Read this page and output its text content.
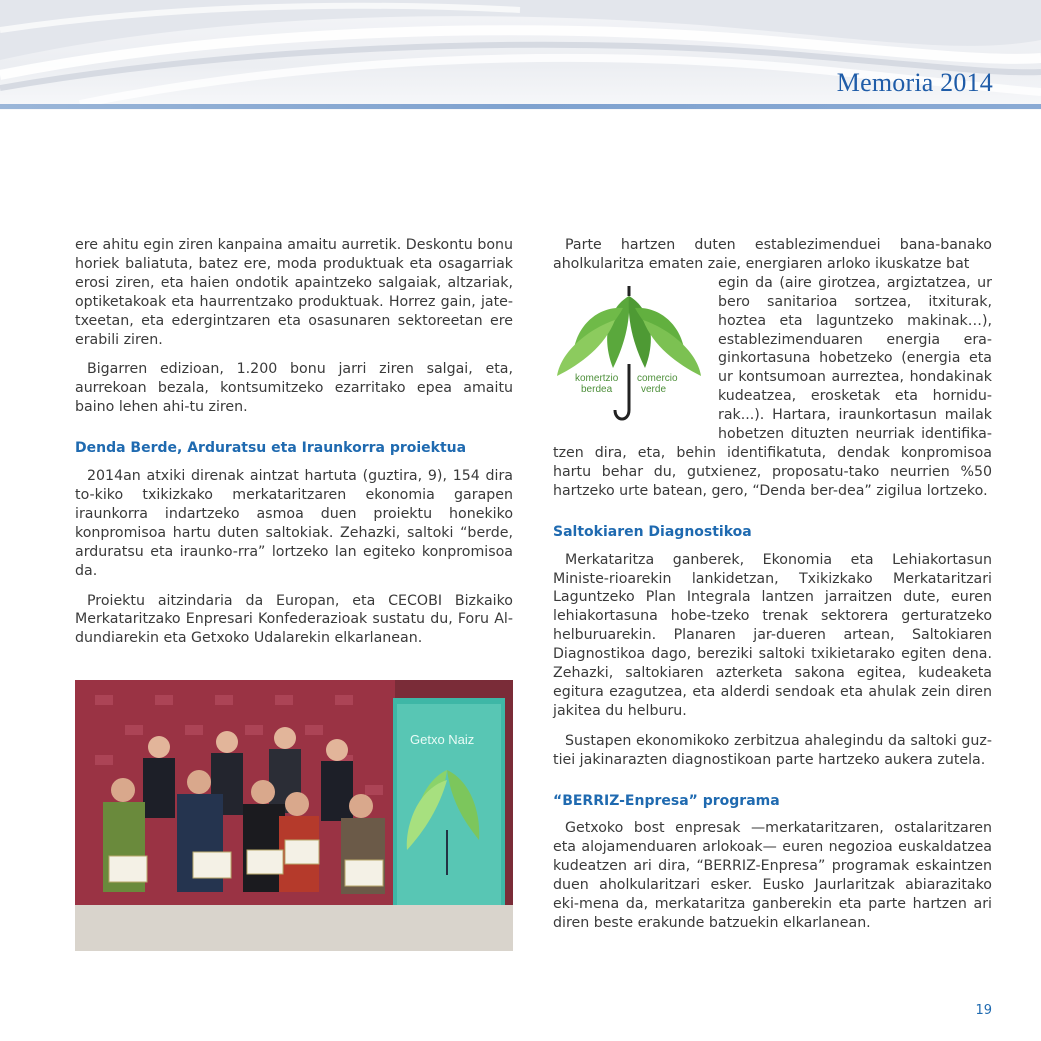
Memoria 2014

ere ahitu egin ziren kanpaina amaitu aurretik. Deskontu bonu horiek baliatuta, batez ere, moda produktuak eta osagarriak erosi ziren, eta haien ondotik apaintzeko salgaiak, altzariak, optiketakoak eta haurrentzako produktuak. Horrez gain, jate-txeetan, eta edergintzaren eta osasunaren sektoreetan ere erabili ziren.

Bigarren edizioan, 1.200 bonu jarri ziren salgai, eta, aurrekoan bezala, kontsumitzeko ezarritako epea amaitu baino lehen ahi-tu ziren.

Denda Berde, Arduratsu eta Iraunkorra proiektua

2014an atxiki direnak aintzat hartuta (guztira, 9), 154 dira to-kiko txikizkako merkataritzaren ekonomia garapen iraunkorra indartzeko asmoa duen proiektu honekiko konpromisoa hartu duten saltokiak. Zehazki, saltoki “berde, arduratsu eta iraunko-rra” lortzeko lan egiteko konpromisoa da.

Proiektu aitzindaria da Europan, eta CECOBI Bizkaiko Merkataritzako Enpresari Konfederazioak sustatu du, Foru Al-dundiarekin eta Getxoko Udalarekin elkarlanean.

Parte hartzen duten establezimenduei bana-banako aholkularitza ematen zaie, energiaren arloko ikuskatze bat

komertzio
berdea
comercio
verde

egin da (aire girotzea, argiztatzea, ur bero sanitarioa sortzea, itxiturak, hoztea eta laguntzeko makinak…), establezimenduaren energia era-ginkortasuna hobetzeko (energia eta ur kontsumoan aurreztea, hondakinak kudeatzea, erosketak eta hornidu-rak...). Hartara, iraunkortasun mailak hobetzen dituzten neurriak identifika-tzen dira, eta, behin identifikatuta, dendak konpromisoa hartu behar du, gutxienez, proposatu-tako neurrien %50 hartzeko urte batean, gero, “Denda ber-dea” zigilua lortzeko.

Saltokiaren Diagnostikoa

Merkataritza ganberek, Ekonomia eta Lehiakortasun Ministe-rioarekin lankidetzan, Txikizkako Merkataritzari Laguntzeko Plan Integrala lantzen jarraitzen dute, euren lehiakortasuna hobe-tzeko trenak sektorera gerturatzeko helburuarekin. Planaren jar-dueren artean, Saltokiaren Diagnostikoa dago, bereziki saltoki txikietarako egiten dena. Zehazki, saltokiaren azterketa sakona egitea, kudeaketa egitura ezagutzea, eta alderdi sendoak eta ahulak zein diren jakitea du helburu.

Sustapen ekonomikoko zerbitzua ahalegindu da saltoki guz-tiei jakinarazten diagnostikoan parte hartzeko aukera zutela.

“BERRIZ-Enpresa” programa

Getxoko bost enpresak —merkataritzaren, ostalaritzaren eta alojamenduaren arlokoak— euren negozioa euskaldatzea kudeatzen ari dira, “BERRIZ-Enpresa” programak eskaintzen duen aholkularitzari esker. Eusko Jaurlaritzak abiarazitako eki-mena da, merkataritza ganberekin eta parte hartzen ari diren beste erakunde batzuekin elkarlanean.

Getxo Naiz
19
